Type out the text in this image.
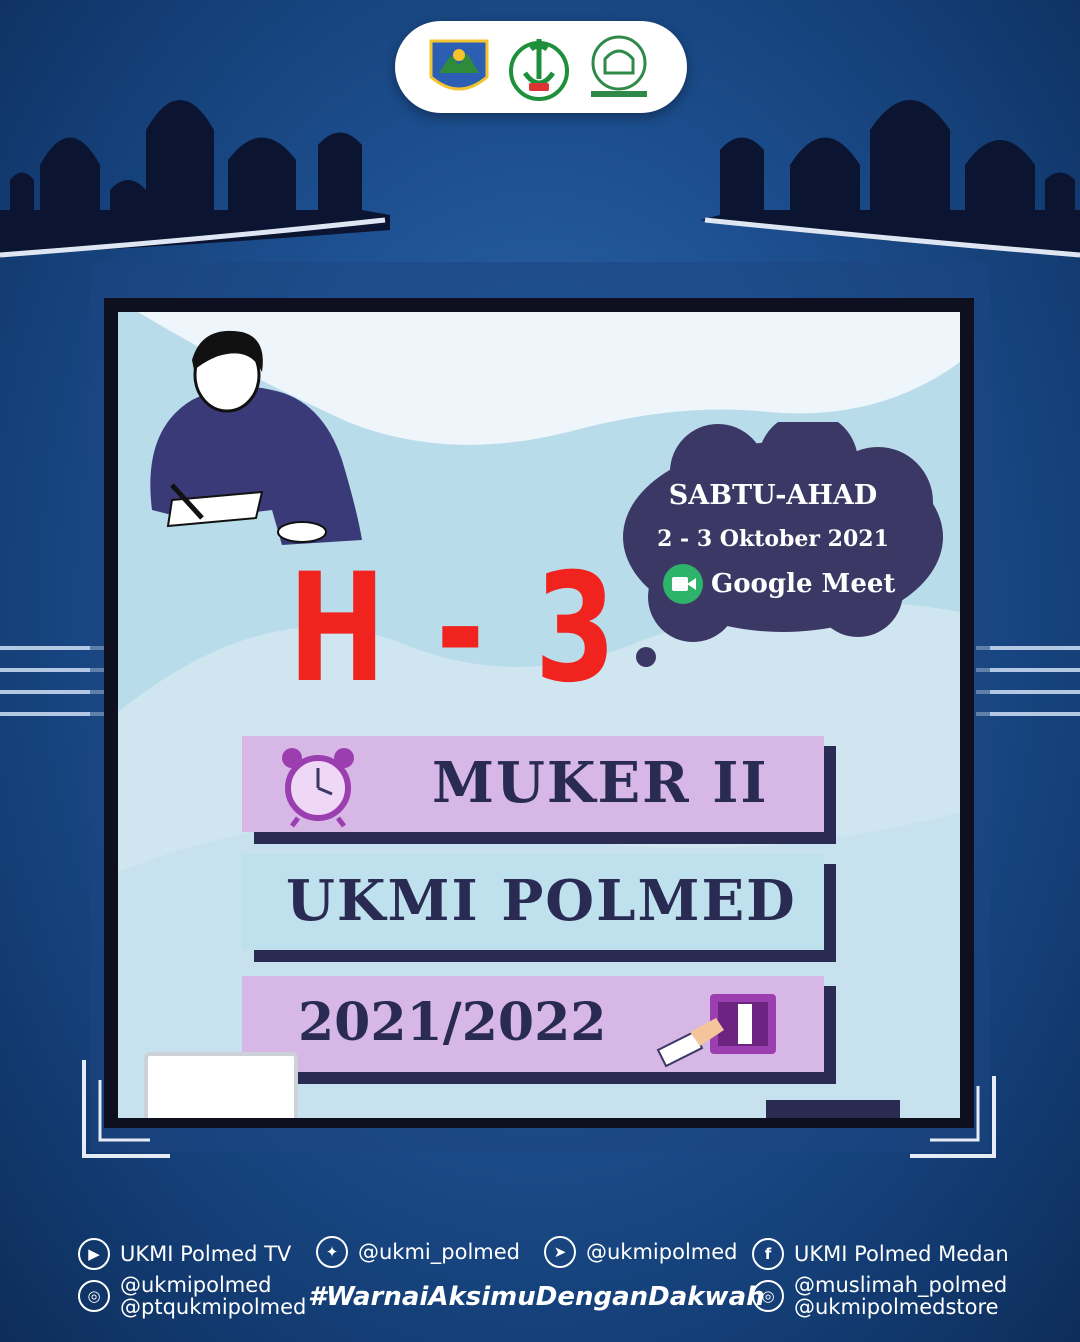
H - 3
SABTU-AHAD
2 - 3 Oktober 2021
Google Meet
MUKER II
UKMI POLMED
2021/2022
▶ UKMI Polmed TV	✦ @ukmi_polmed	➤ @ukmipolmed	f	UKMI Polmed Medan
◎ @ukmipolmed
@ptqukmipolmed #WarnaiAksimuDenganDakwah
◎ @muslimah_polmed
@ukmipolmedstore
